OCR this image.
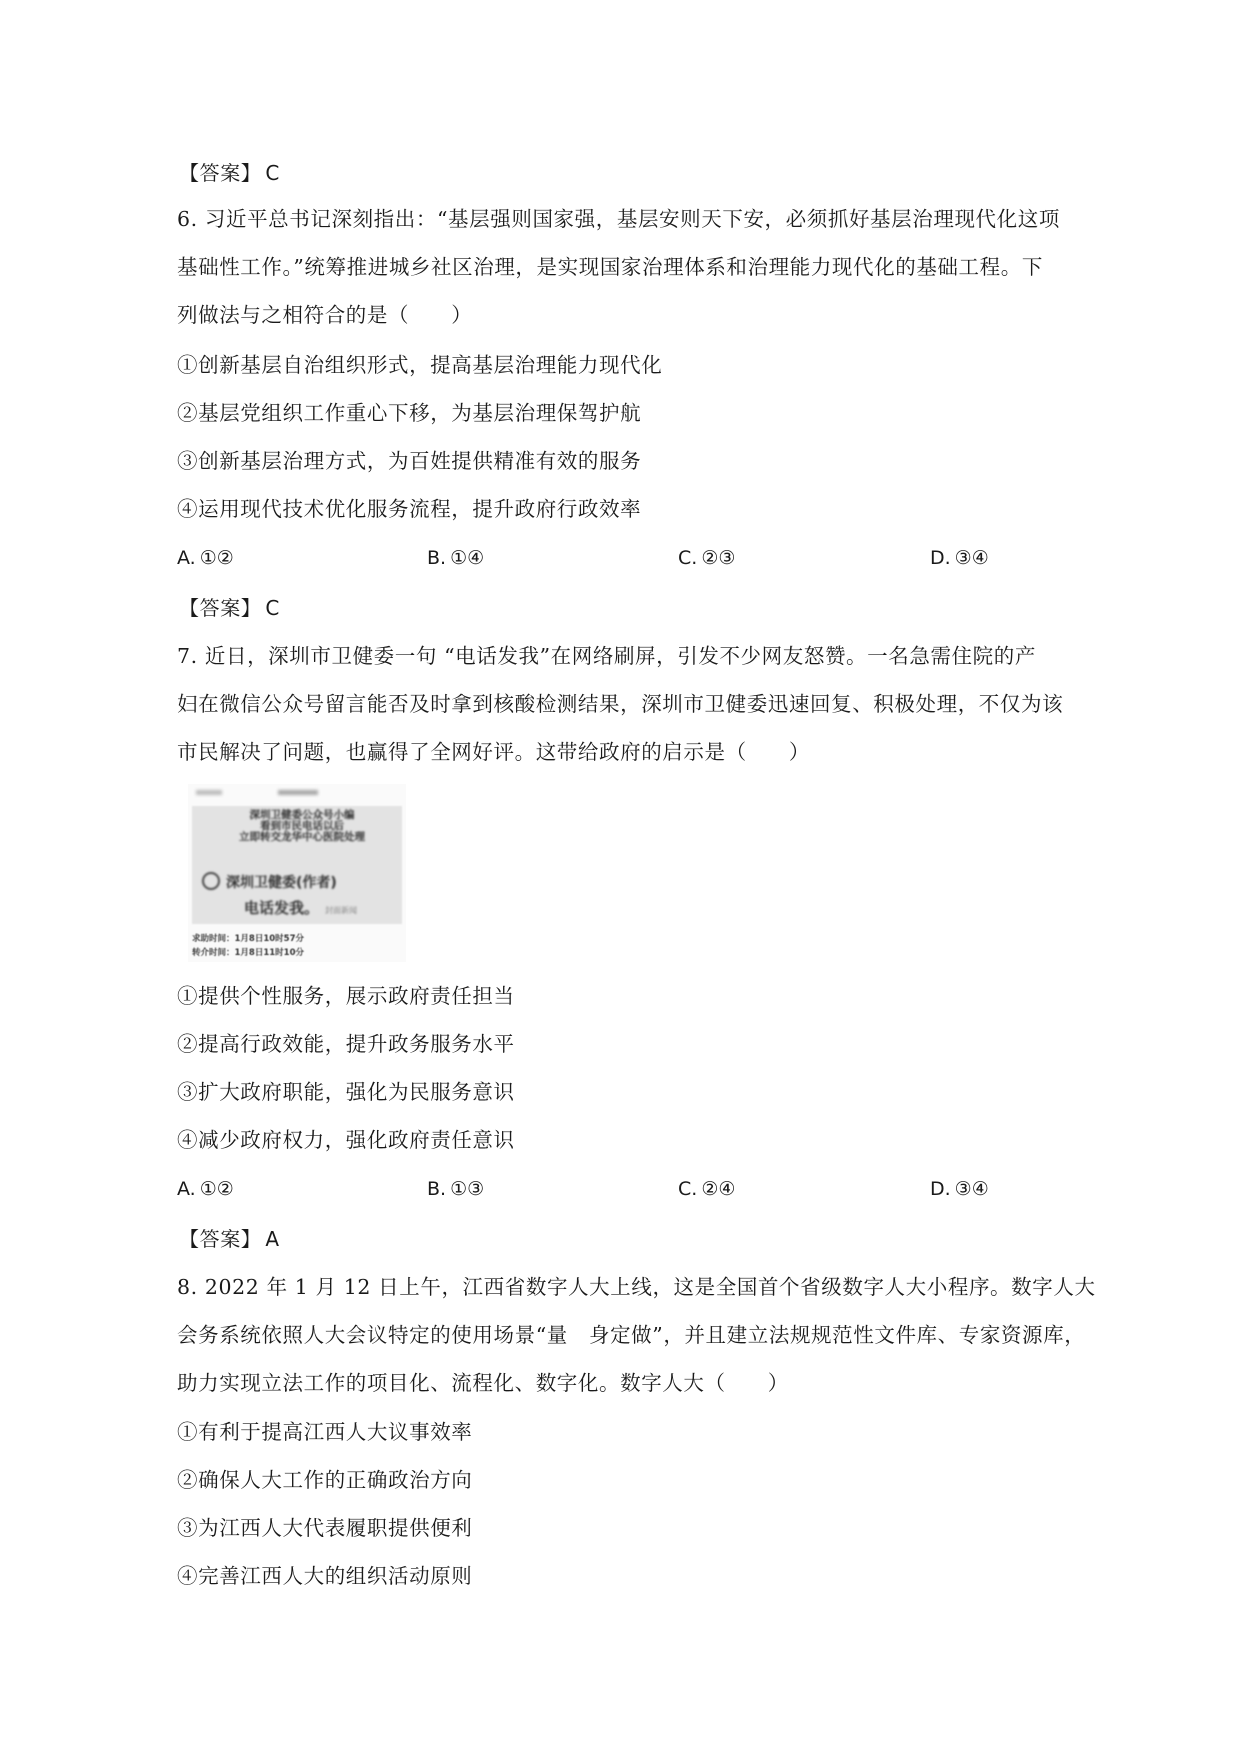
【答案】 C
6. 习近平总书记深刻指出：“基层强则国家强，基层安则天下安，必须抓好基层治理现代化这项
基础性工作。”统筹推进城乡社区治理，是实现国家治理体系和治理能力现代化的基础工程。下
列做法与之相符合的是（　　）
①创新基层自治组织形式，提高基层治理能力现代化
②基层党组织工作重心下移，为基层治理保驾护航
③创新基层治理方式，为百姓提供精准有效的服务
④运用现代技术优化服务流程，提升政府行政效率
A. ①②	B. ①④	C. ②③	D. ③④
【答案】 C
7. 近日，深圳市卫健委一句 “电话发我”在网络刷屏，引发不少网友怒赞。一名急需住院的产
妇在微信公众号留言能否及时拿到核酸检测结果，深圳市卫健委迅速回复、积极处理，不仅为该
市民解决了问题，也赢得了全网好评。这带给政府的启示是（　　）
深圳卫健委公众号小编
看到市民电话以后
立即转交龙华中心医院处理
深圳卫健委(作者)
电话发我。 封面新闻
求助时间：1月8日10时57分
转介时间：1月8日11时10分
①提供个性服务，展示政府责任担当
②提高行政效能，提升政务服务水平
③扩大政府职能，强化为民服务意识
④减少政府权力，强化政府责任意识
A. ①②	B. ①③	C. ②④	D. ③④
【答案】 A
8. 2022 年 1 月 12 日上午，江西省数字人大上线，这是全国首个省级数字人大小程序。数字人大
会务系统依照人大会议特定的使用场景“量　身定做”，并且建立法规规范性文件库、专家资源库，
助力实现立法工作的项目化、流程化、数字化。数字人大（　　）
①有利于提高江西人大议事效率
②确保人大工作的正确政治方向
③为江西人大代表履职提供便利
④完善江西人大的组织活动原则
